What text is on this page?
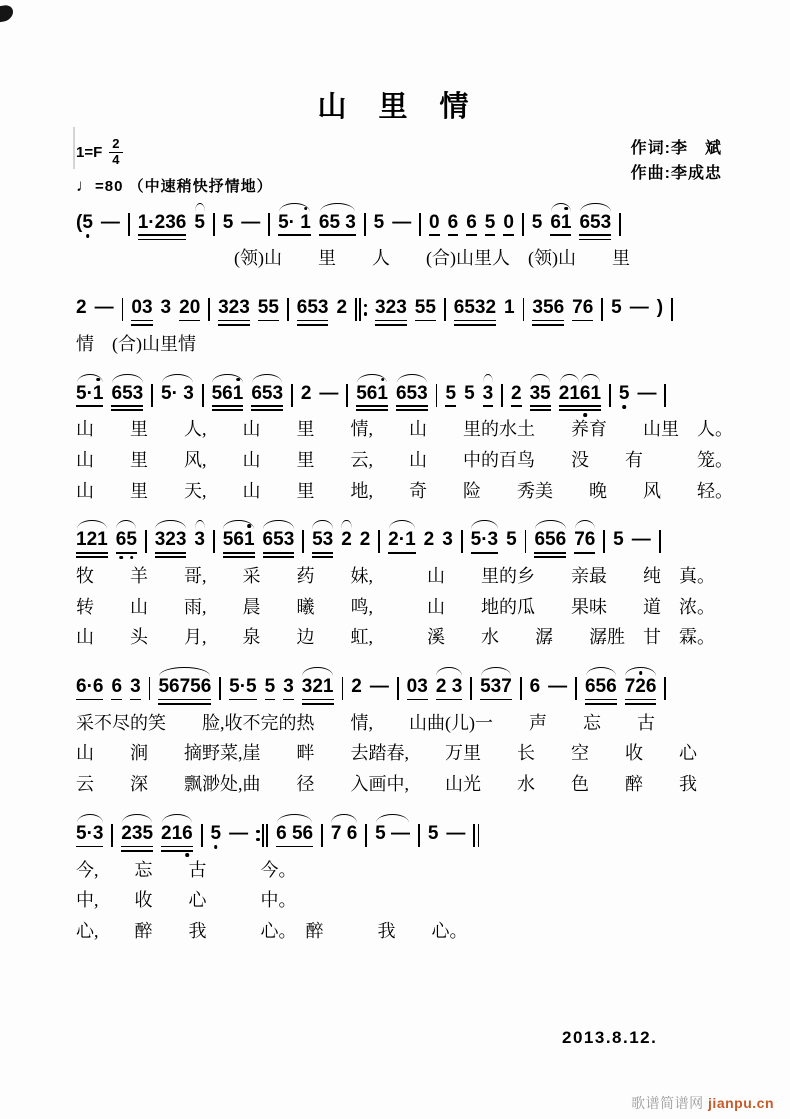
山 里 情
$1=F \frac{2}{4}$
♩=80 （中速稍快抒情地）
作词:李　斌
作曲:李成忠
(5 — 1·236 5 5 — 5· 1 65 3 5 — 0 6 6 5 0 5 61 653
(领)山　　里　　人　　(合)山里人　(领)山　　里
2 — 03 3 20 323 55 653 2 323 55 6532 1 356 76 5 — )
情　(合)山里情
5·1 653 5· 3 561 653 2 — 561 653 5 5 3 2 35 216
1 5 —
山　　里　　人,　　山　　里　　情,　　山　　里的水土　　养育　　山里　人。
山　　里　　风,　　山　　里　　云,　　山　　中的百鸟　　没　　有　　　笼。
山　　里　　天,　　山　　里　　地,　　奇　　险　　秀美　　晚　　风　　轻。
121 6
5 323 3 561 653 53 2 2 2·1 2 3 5·3 5 656 76 5 —
牧　　羊　　哥,　　采　　药　　妹,　　　山　　里的乡　　亲最　　纯　真。
转　　山　　雨,　　晨　　曦　　鸣,　　　山　　地的瓜　　果味　　道　浓。
山　　头　　月,　　泉　　边　　虹,　　　溪　　水　　潺　　潺胜　甘　霖。
6·6 6 3 56756 5·5 5 3 321 2 — 03 2 3 537 6 — 656 72
6
采不尽的笑　　脸,收不完的热　　情,　　山曲(儿)一　　声　　忘　　古
山　　涧　　摘野菜,崖　　畔　　去踏春,　　万里　　长　　空　　收　　心
云　　深　　飘渺处,曲　　径　　入画中,　　山光　　水　　色　　醉　　我
5·3 235 216 5 — 6 56 7 6 5 — 5 —
今,　　忘　　古　　　今。
中,　　收　　心　　　中。
心,　　醉　　我　　　心。　醉　　　我　　心。
2013.8.12.
歌谱简谱网 jianpu.cn
